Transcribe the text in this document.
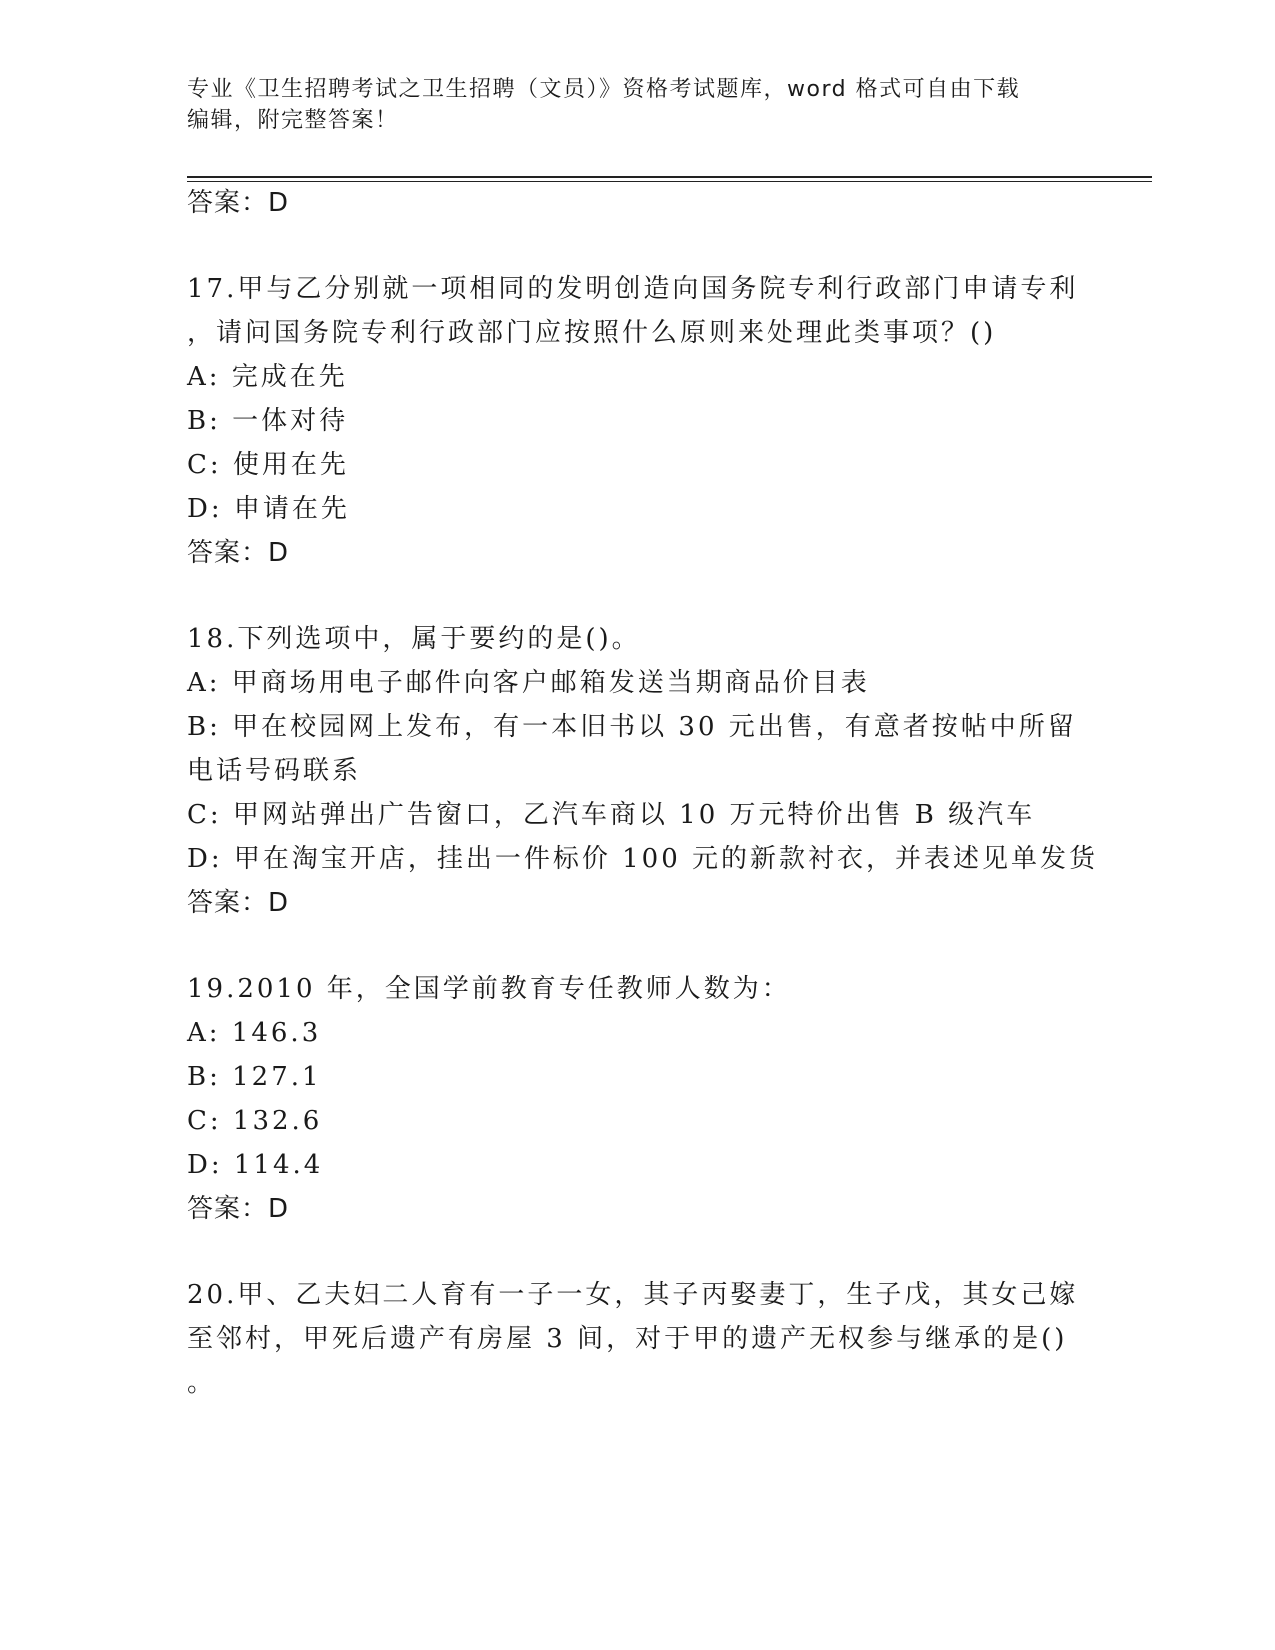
专业《卫生招聘考试之卫生招聘（文员）》资格考试题库，word 格式可自由下载
编辑，附完整答案！
答案：D
17.甲与乙分别就一项相同的发明创造向国务院专利行政部门申请专利
，请问国务院专利行政部门应按照什么原则来处理此类事项？()
A: 完成在先
B: 一体对待
C: 使用在先
D: 申请在先
答案：D
18.下列选项中，属于要约的是()。
A: 甲商场用电子邮件向客户邮箱发送当期商品价目表
B: 甲在校园网上发布，有一本旧书以 30 元出售，有意者按帖中所留
电话号码联系
C: 甲网站弹出广告窗口，乙汽车商以 10 万元特价出售 B 级汽车
D: 甲在淘宝开店，挂出一件标价 100 元的新款衬衣，并表述见单发货
答案：D
19.2010 年，全国学前教育专任教师人数为：
A: 146.3
B: 127.1
C: 132.6
D: 114.4
答案：D
20.甲、乙夫妇二人育有一子一女，其子丙娶妻丁，生子戊，其女己嫁
至邻村，甲死后遗产有房屋 3 间，对于甲的遗产无权参与继承的是()
。
